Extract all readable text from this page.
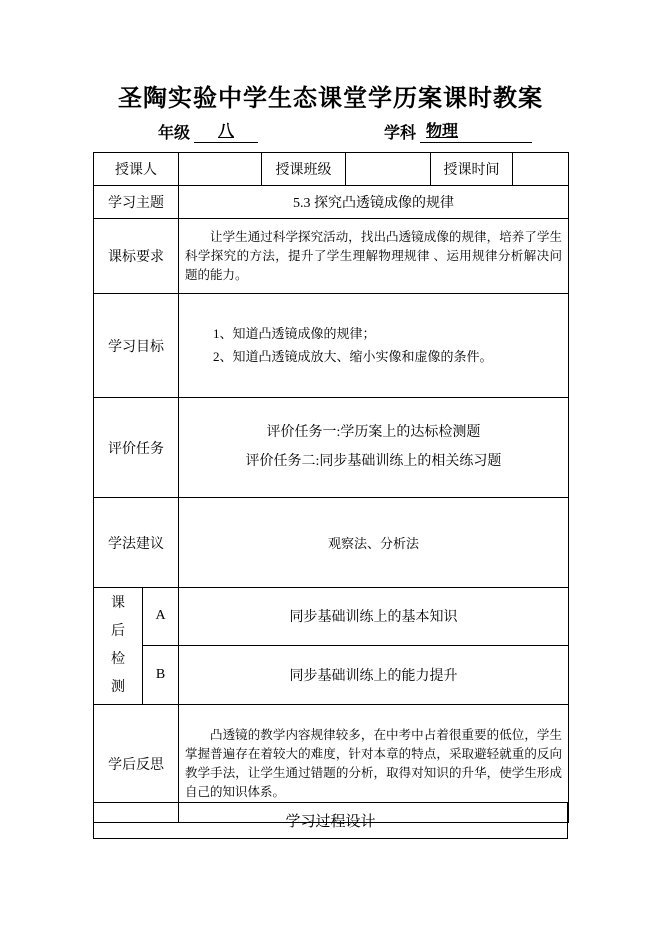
圣陶实验中学生态课堂学历案课时教案
年级 八	学科 物理
授课人			授课班级		授课时间	
学习主题		5.3 探究凸透镜成像的规律				
课标要求		让学生通过科学探究活动，找出凸透镜成像的规律，培养了学生科学探究的方法，提升了学生理解物理规律 、运用规律分析解决问题的能力。				

学习目标		1、知道凸透镜成像的规律；
2、知道凸透镜成放大、缩小实像和虚像的条件。				

评价任务		评价任务一:学历案上的达标检测题
评价任务二:同步基础训练上的相关练习题				

学法建议		观察法、分析法				
课后检测	A	同步基础训练上的基本知识				
	B	同步基础训练上的能力提升				
学后反思		凸透镜的教学内容规律较多，在中考中占着很重要的低位，学生掌握普遍存在着较大的难度，针对本章的特点，采取避轻就重的反向教学手法，让学生通过错题的分析，取得对知识的升华，使学生形成自己的知识体系。				

学习过程设计
